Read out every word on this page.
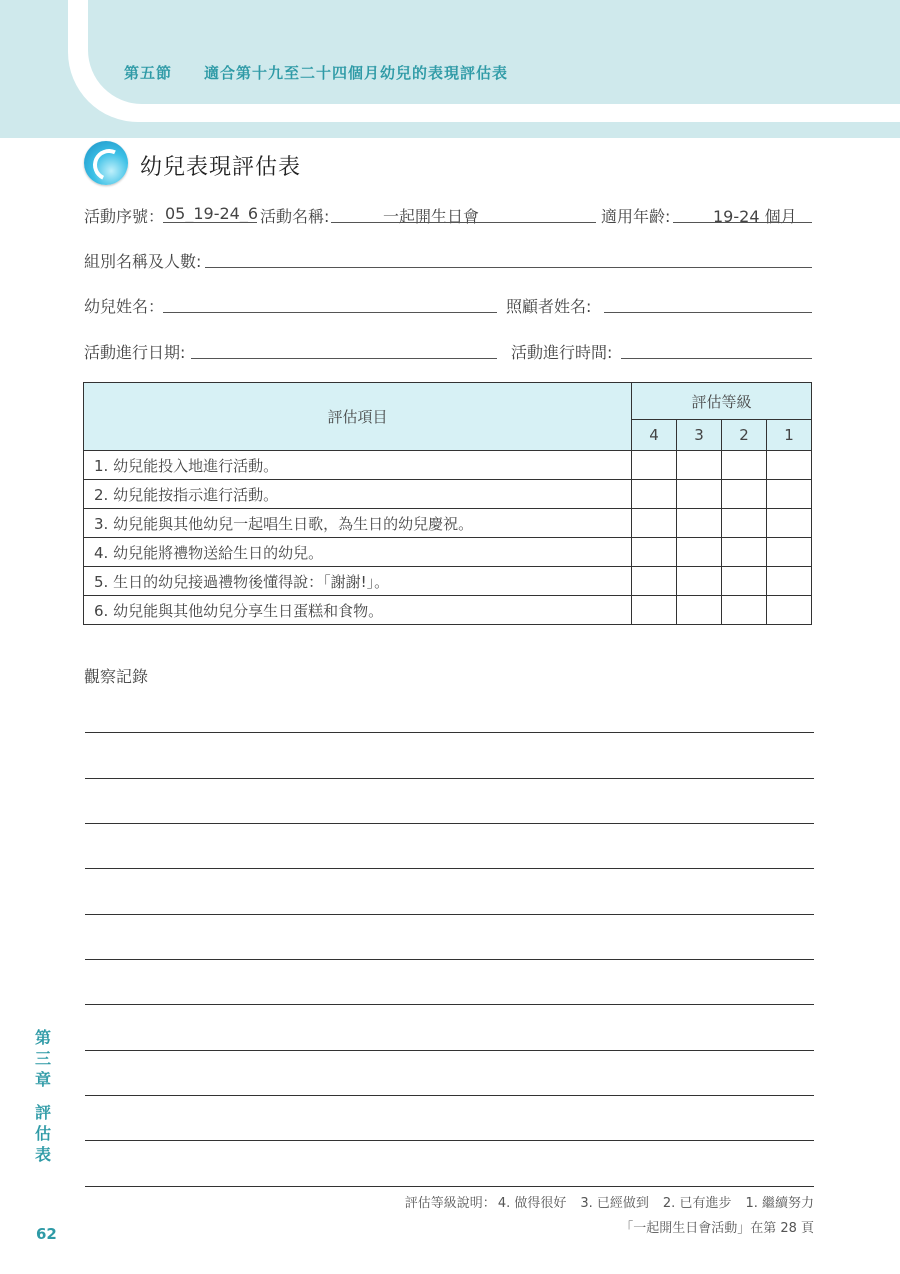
第五節 適合第十九至二十四個月幼兒的表現評估表
幼兒表現評估表
活動序號： 05_19-24_6 活動名稱:	一起開生日會	適用年齡:	19-24 個月
組別名稱及人數:
幼兒姓名：	照顧者姓名:
活動進行日期:	活動進行時間:
評估項目	評估等級			
	4	3	2	1
1. 幼兒能投入地進行活動。				
2. 幼兒能按指示進行活動。				
3. 幼兒能與其他幼兒一起唱生日歌，為生日的幼兒慶祝。				
4. 幼兒能將禮物送給生日的幼兒。				
5. 生日的幼兒接過禮物後懂得說：「謝謝!」。				
6. 幼兒能與其他幼兒分享生日蛋糕和食物。				
觀察記錄
評估等級說明： 4. 做得很好 3. 已經做到 2. 已有進步 1. 繼續努力
「一起開生日會活動」在第 28 頁
第
三
章
評
估
表
62
